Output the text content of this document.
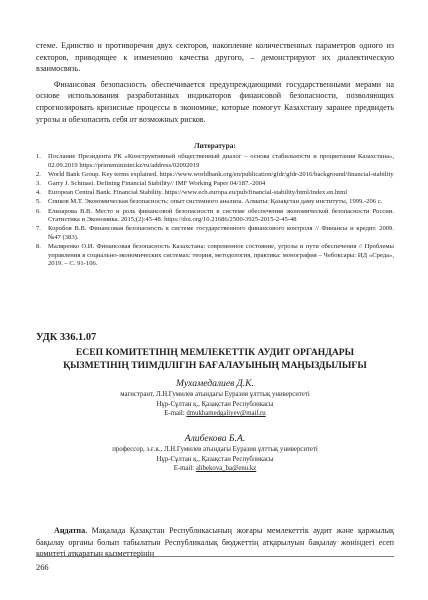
стеме. Единство и противоречия двух секторов, накопление количественных параметров одного из секторов, приводящее к изменению качества другого, – демонстрируют их диалектическую взаимосвязь.

Финансовая безопасность обеспечивается предупреждающими государственными мерами на основе использования разработанных индикаторов финансовой безопасности, позволяющих спрогнозировать кризисные процессы в экономике, которые помогут Казахстану заранее предвидеть угрозы и обезопасить себя от возможных рисков.

Литература:
1. Послание Президента РК «Конструктивный общественный диалог – основа стабильности и процветания Казахстана», 02.09.2019 https://primeminister.kz/ru/address/02092019
2. World Bank Group. Key terms explained. https://www.worldbank.org/en/publication/gfdr/gfdr-2016/background/financial-stability
3. Garry J. Schinasi. Defining Financial Stability// IMF Working Paper 04/187.-2004
4. European Central Bank. Financial Stability. https://www.ecb.europa.eu/pub/financial-stability/html/index.en.html
5. Спиков М.Т. Экономическая безопасность: опыт системного анализа. Алматы: Қазақстан даму институты, 1999.-206 с.
6. Елизарова В.В. Место и роль финансовой безопасности в системе обеспечения экономической безопасности России. Статистика и Экономика. 2015;(2):45-48. https://doi.org/10.21686/2500-3925-2015-2-45-48
7. Коробов В.В. Финансовая безопасность в системе государственного финансового контроля // Финансы и кредит. 2009. №47 (383).
8. Маляренко О.И. Финансовая безопасность Казахстана: современное состояние, угрозы и пути обеспечения // Проблемы управления в социально-экономических системах: теория, методология, практика: монография – Чебоксары: ИД «Среда», 2019. – С. 91-106.
УДК 336.1.07
ЕСЕП КОМИТЕТІНІҢ МЕМЛЕКЕТТІК АУДИТ ОРГАНДАРЫ
ҚЫЗМЕТІНІҢ ТИІМДІЛІГІН БАҒАЛАУЫНЫҢ МАҢЫЗДЫЛЫҒЫ
Мухамедалиев Д.К.
магистрант, Л.Н.Гумилев атындағы Еуразия ұлттық университеті
Нұр-Сұлтан қ., Қазақстан Республикасы
E-mail: dmukhamedgaliyev@mail.ru
Алибекова Б.А.
профессор, э.ғ.к., Л.Н.Гумилев атындағы Еуразия ұлттық университеті
Нұр-Сұлтан қ., Қазақстан Республикасы
E-mail: alibekova_ba@enu.kz

Аңдатпа. Мақалада Қазақстан Республикасының жоғары мемлекеттік аудит және қаржылық бақылау органы болып табылатын Республикалық бюджеттің атқарылуын бақылау жөніндегі есеп комитеті атқаратын қызметтерінің

266
